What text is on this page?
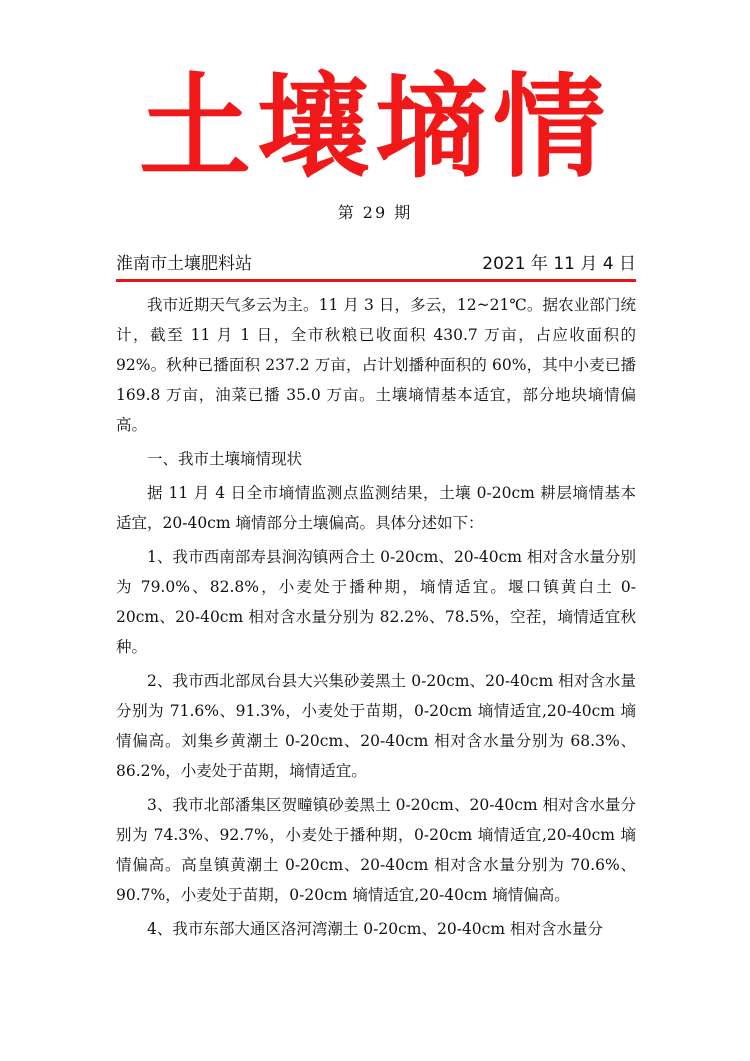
土壤墒情
第 29 期
淮南市土壤肥料站	2021 年 11 月 4 日

我市近期天气多云为主。11 月 3 日，多云，12~21℃。据农业部门统计，截至 11 月 1 日，全市秋粮已收面积 430.7 万亩，占应收面积的 92%。秋种已播面积 237.2 万亩，占计划播种面积的 60%，其中小麦已播 169.8 万亩，油菜已播 35.0 万亩。土壤墒情基本适宜，部分地块墒情偏高。

一、我市土壤墒情现状

据 11 月 4 日全市墒情监测点监测结果，土壤 0-20cm 耕层墒情基本适宜，20-40cm 墒情部分土壤偏高。具体分述如下：

1、我市西南部寿县涧沟镇两合土 0-20cm、20-40cm 相对含水量分别为 79.0%、82.8%，小麦处于播种期，墒情适宜。堰口镇黄白土 0-20cm、20-40cm 相对含水量分别为 82.2%、78.5%，空茬，墒情适宜秋种。

2、我市西北部凤台县大兴集砂姜黑土 0-20cm、20-40cm 相对含水量分别为 71.6%、91.3%，小麦处于苗期，0-20cm 墒情适宜,20-40cm 墒情偏高。刘集乡黄潮土 0-20cm、20-40cm 相对含水量分别为 68.3%、86.2%，小麦处于苗期，墒情适宜。

3、我市北部潘集区贺疃镇砂姜黑土 0-20cm、20-40cm 相对含水量分别为 74.3%、92.7%，小麦处于播种期，0-20cm 墒情适宜,20-40cm 墒情偏高。高皇镇黄潮土 0-20cm、20-40cm 相对含水量分别为 70.6%、90.7%，小麦处于苗期，0-20cm 墒情适宜,20-40cm 墒情偏高。

4、我市东部大通区洛河湾潮土 0-20cm、20-40cm 相对含水量分
